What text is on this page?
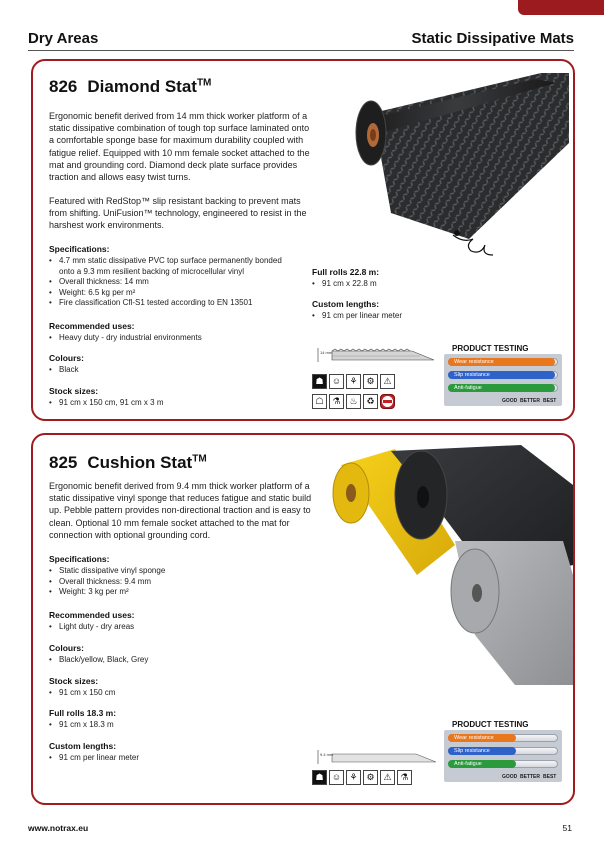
Dry Areas	Static Dissipative Mats
826 Diamond Stat™
Ergonomic benefit derived from 14 mm thick worker platform of a static dissipative combination of tough top surface laminated onto a comfortable sponge base for maximum durability coupled with fatigue relief. Equipped with 10 mm female socket attached to the mat and grounding cord. Diamond deck plate surface provides traction and allows easy twist turns.
Featured with RedStop™ slip resistant backing to prevent mats from shifting. UniFusion™ technology, engineered to resist in the harshest work environments.
Specifications:
• 4.7 mm static dissipative PVC top surface permanently bonded onto a 9.3 mm resilient backing of microcellular vinyl
• Overall thickness: 14 mm
• Weight: 6.5 kg per m²
• Fire classification Cfl-S1 tested according to EN 13501
Recommended uses:
• Heavy duty - dry industrial environments
Colours:
• Black
Stock sizes:
• 91 cm x 150 cm, 91 cm x 3 m
Full rolls 22.8 m:
• 91 cm x 22.8 m
Custom lengths:
• 91 cm per linear meter
14 mm
☗ ☺ ⚘ ⚙ ⚠
☖ ⚗ ♨ ♻
PRODUCT TESTING
Wear resistance
Slip resistance
Anti-fatigue
GOOD BETTER BEST
825 Cushion Stat™
Ergonomic benefit derived from 9.4 mm thick worker platform of a static dissipative vinyl sponge that reduces fatigue and static build up. Pebble pattern provides non-directional traction and is easy to clean. Optional 10 mm female socket attached to the mat for connection with optional grounding cord.
Specifications:
• Static dissipative vinyl sponge
• Overall thickness: 9.4 mm
• Weight: 3 kg per m²
Recommended uses:
• Light duty - dry areas
Colours:
• Black/yellow, Black, Grey
Stock sizes:
• 91 cm x 150 cm
Full rolls 18.3 m:
• 91 cm x 18.3 m
Custom lengths:
• 91 cm per linear meter	9.4 mm
☗ ☺ ⚘ ⚙ ⚠ ⚗
PRODUCT TESTING
Wear resistance
Slip resistance
Anti-fatigue
GOOD BETTER BEST
www.notrax.eu	51
